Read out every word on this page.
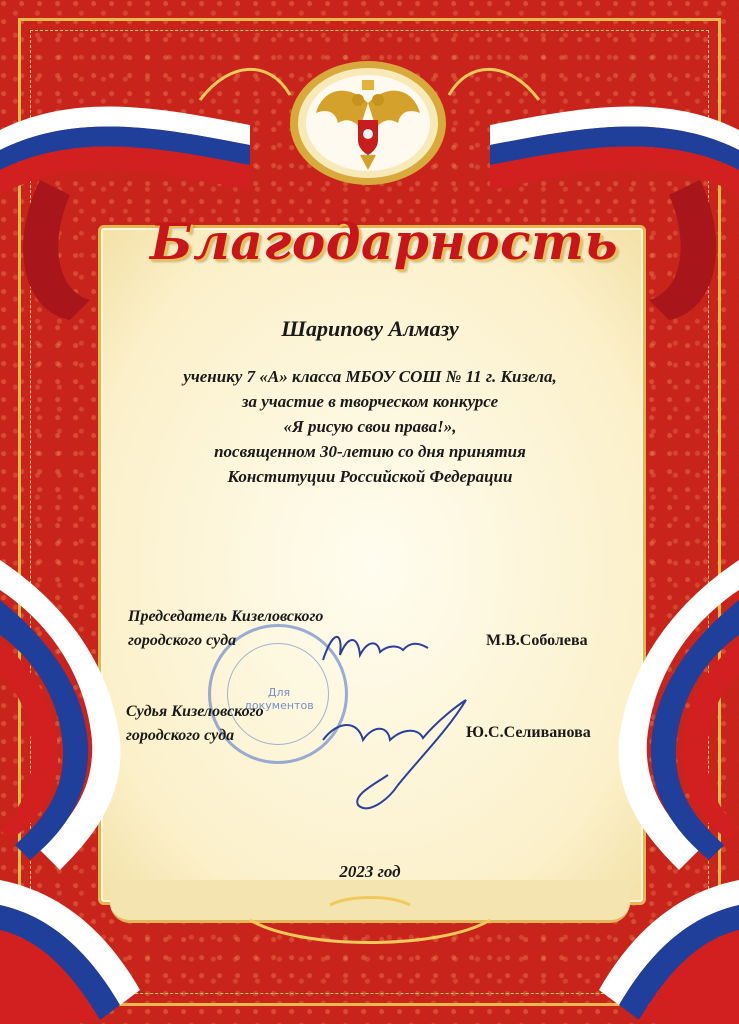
Благодарность
Шарипову Алмазу
ученику 7 «А» класса МБОУ СОШ № 11 г. Кизела,
за участие в творческом конкурсе
«Я рисую свои права!»,
посвященном 30-летию со дня принятия
Конституции Российской Федерации
Для
документов
Председатель Кизеловского
городского суда	М.В.Соболева
Судья Кизеловского
городского суда	Ю.С.Селиванова
2023 год
